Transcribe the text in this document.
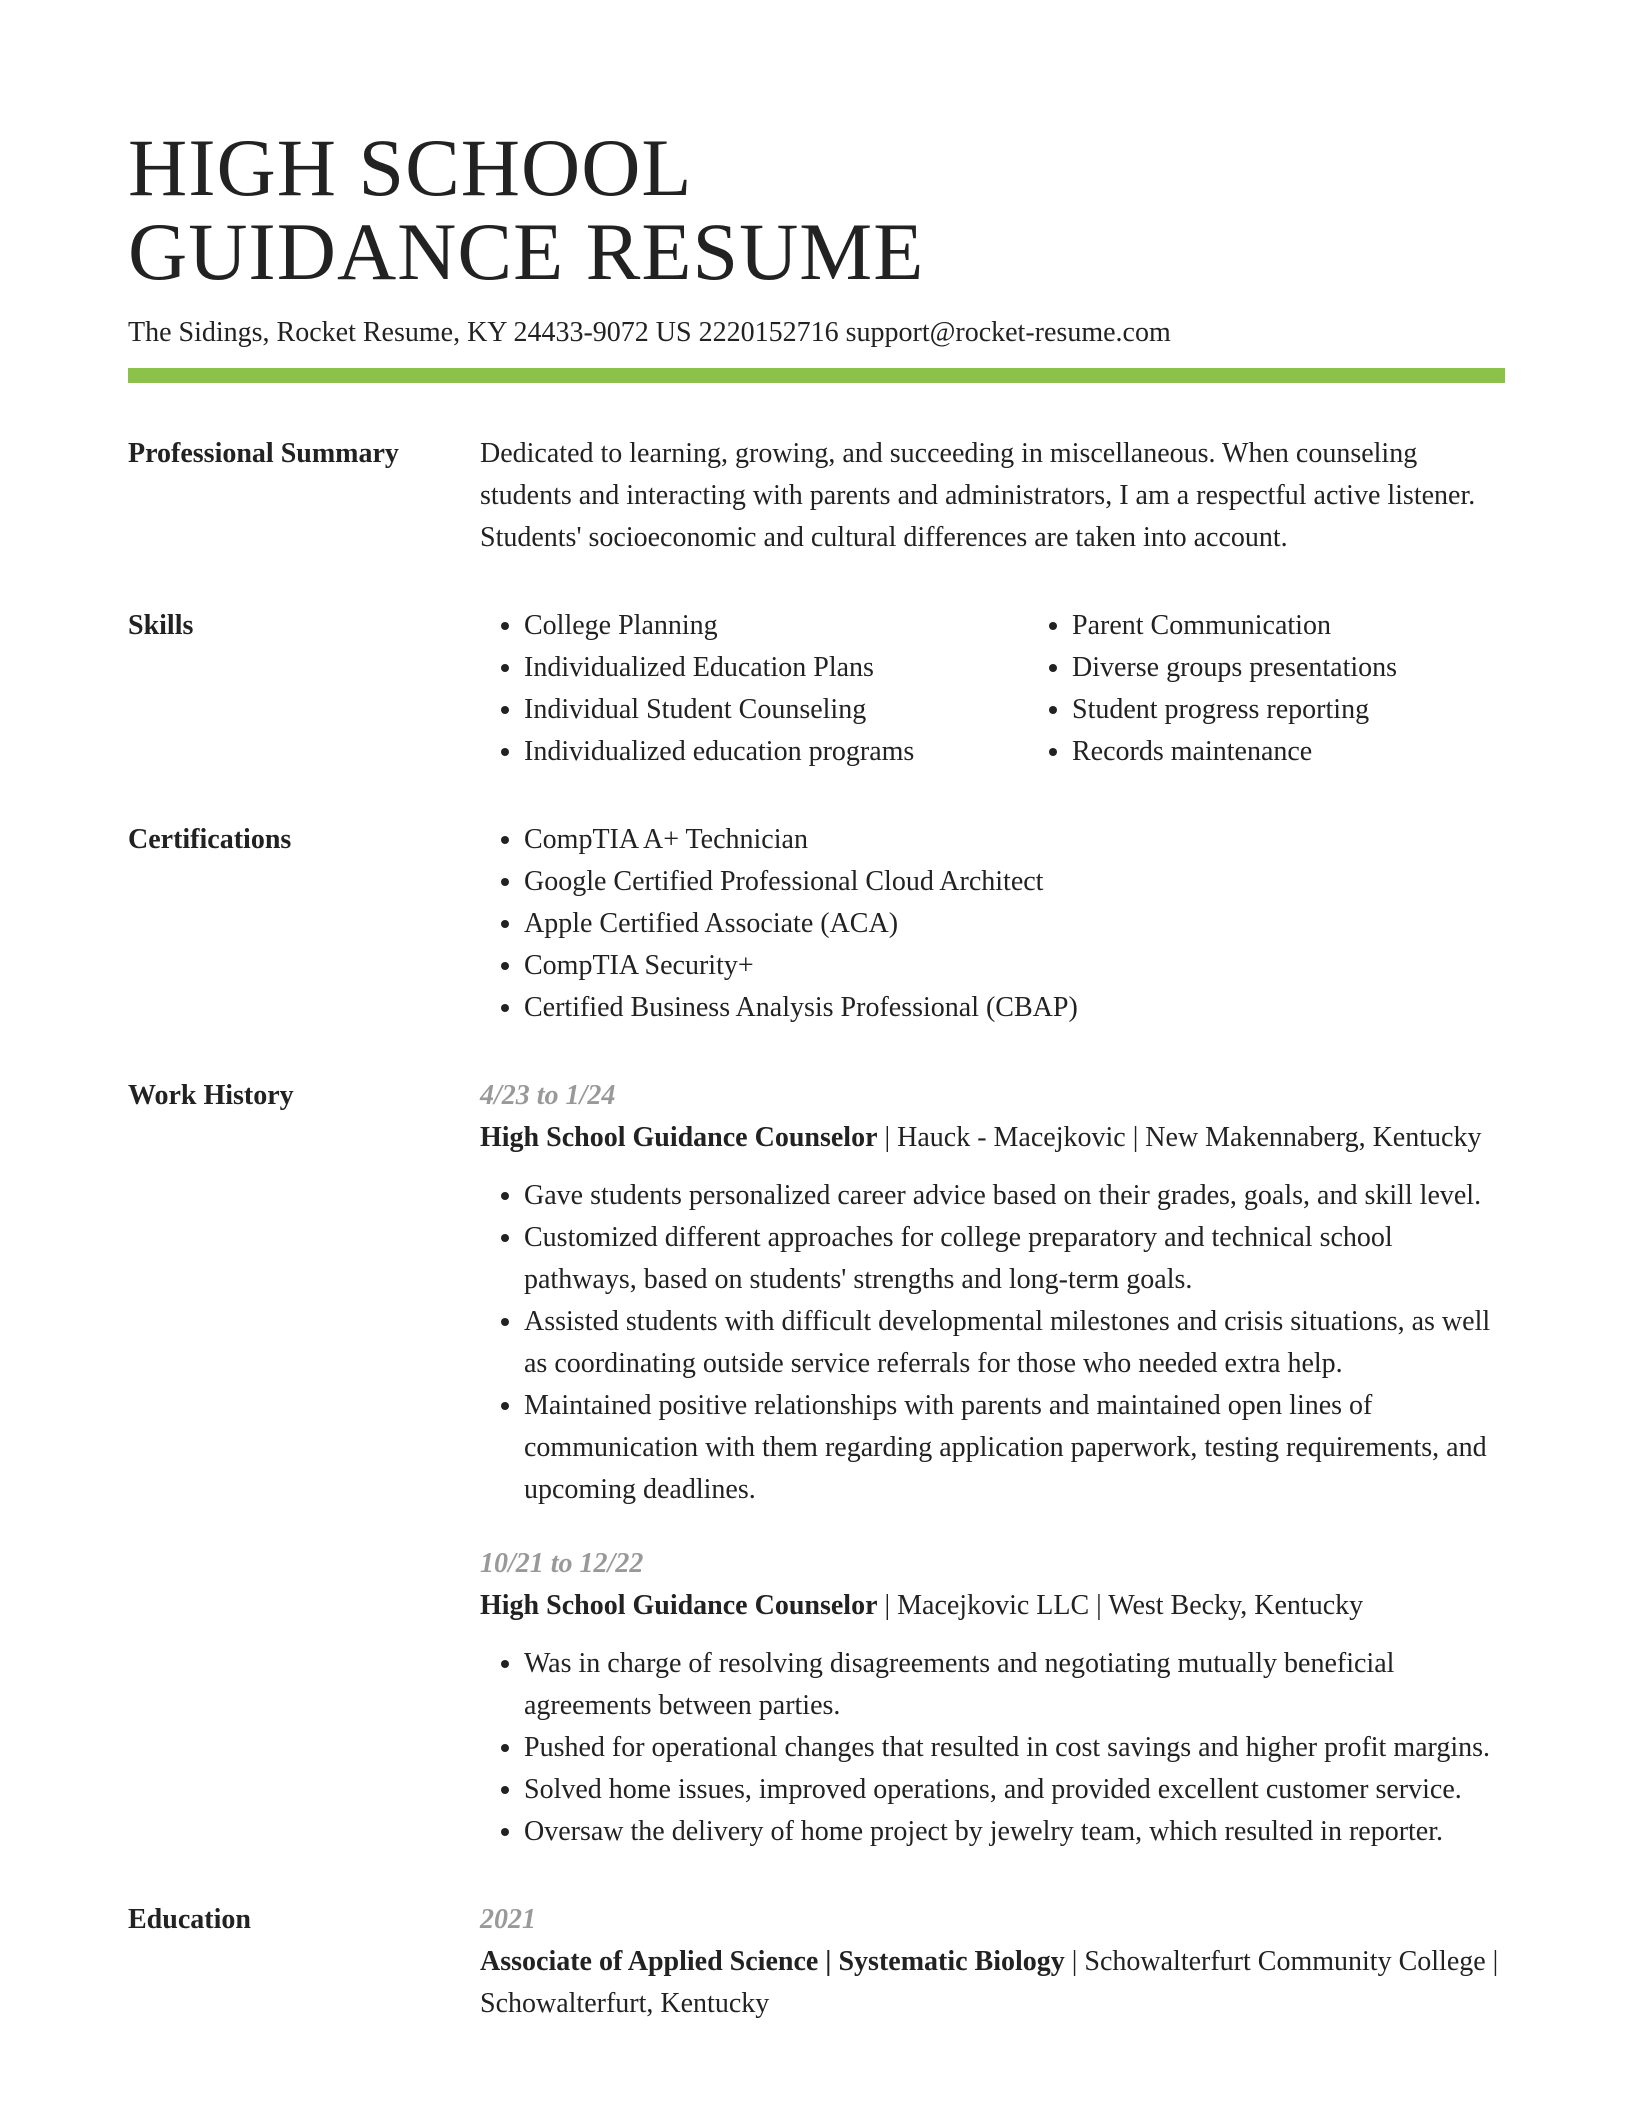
HIGH SCHOOL
GUIDANCE RESUME
The Sidings, Rocket Resume, KY 24433-9072 US 2220152716 support@rocket-resume.com
Professional Summary	Dedicated to learning, growing, and succeeding in miscellaneous. When counseling students and interacting with parents and administrators, I am a respectful active listener. Students' socioeconomic and cultural differences are taken into account.

Skills	• College Planning
• Individualized Education Plans
• Individual Student Counseling
• Individualized education programs
• Parent Communication
• Diverse groups presentations
• Student progress reporting
• Records maintenance
Certifications	• CompTIA A+ Technician
• Google Certified Professional Cloud Architect
• Apple Certified Associate (ACA)
• CompTIA Security+
• Certified Business Analysis Professional (CBAP)
Work History	4/23 to 1/24

High School Guidance Counselor | Hauck - Macejkovic | New Makennaberg, Kentucky

• Gave students personalized career advice based on their grades, goals, and skill level.
• Customized different approaches for college preparatory and technical school pathways, based on students' strengths and long-term goals.
• Assisted students with difficult developmental milestones and crisis situations, as well as coordinating outside service referrals for those who needed extra help.
• Maintained positive relationships with parents and maintained open lines of communication with them regarding application paperwork, testing requirements, and upcoming deadlines.
10/21 to 12/22

High School Guidance Counselor | Macejkovic LLC | West Becky, Kentucky

• Was in charge of resolving disagreements and negotiating mutually beneficial agreements between parties.
• Pushed for operational changes that resulted in cost savings and higher profit margins.
• Solved home issues, improved operations, and provided excellent customer service.
• Oversaw the delivery of home project by jewelry team, which resulted in reporter.
Education	2021

Associate of Applied Science | Systematic Biology | Schowalterfurt Community College | Schowalterfurt, Kentucky
